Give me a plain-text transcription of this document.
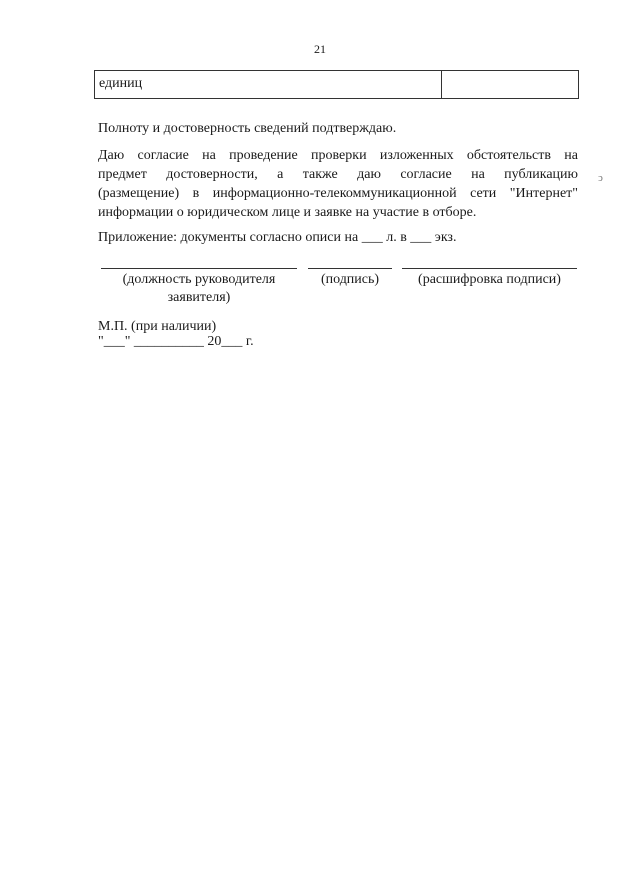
21
единиц
Полноту и достоверность сведений подтверждаю.
Даю согласие на проведение проверки изложенных обстоятельств на
предмет достоверности, а также даю согласие на публикацию
(размещение) в информационно-телекоммуникационной сети "Интернет"
информации о юридическом лице и заявке на участие в отборе.
ↄ
Приложение: документы согласно описи на ___ л. в ___ экз.
(должность руководителя заявителя)
(подпись)	(расшифровка подписи)
М.П. (при наличии)
"___" __________ 20___ г.
